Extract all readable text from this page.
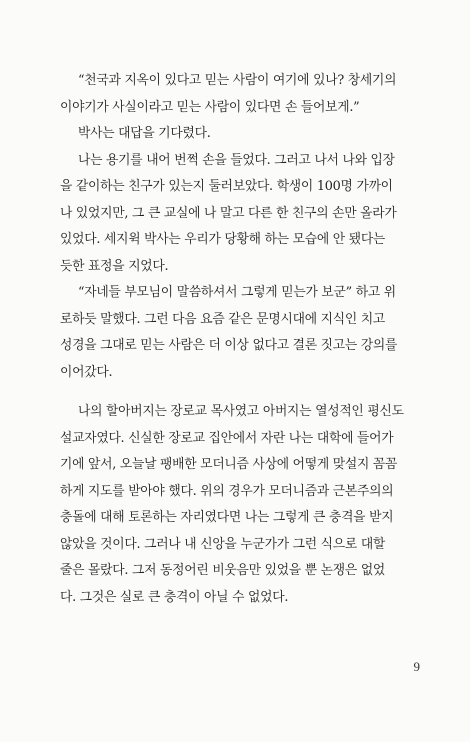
“천국과 지옥이 있다고 믿는 사람이 여기에 있나? 창세기의
이야기가 사실이라고 믿는 사람이 있다면 손 들어보게.”
박사는 대답을 기다렸다.
나는 용기를 내어 번쩍 손을 들었다. 그러고 나서 나와 입장
을 같이하는 친구가 있는지 둘러보았다. 학생이 100명 가까이
나 있었지만, 그 큰 교실에 나 말고 다른 한 친구의 손만 올라가
있었다. 세지윅 박사는 우리가 당황해 하는 모습에 안 됐다는
듯한 표정을 지었다.
“자네들 부모님이 말씀하셔서 그렇게 믿는가 보군” 하고 위
로하듯 말했다. 그런 다음 요즘 같은 문명시대에 지식인 치고
성경을 그대로 믿는 사람은 더 이상 없다고 결론 짓고는 강의를
이어갔다.
나의 할아버지는 장로교 목사였고 아버지는 열성적인 평신도
설교자였다. 신실한 장로교 집안에서 자란 나는 대학에 들어가
기에 앞서, 오늘날 팽배한 모더니즘 사상에 어떻게 맞설지 꼼꼼
하게 지도를 받아야 했다. 위의 경우가 모더니즘과 근본주의의
충돌에 대해 토론하는 자리였다면 나는 그렇게 큰 충격을 받지
않았을 것이다. 그러나 내 신앙을 누군가가 그런 식으로 대할
줄은 몰랐다. 그저 동정어린 비웃음만 있었을 뿐 논쟁은 없었
다. 그것은 실로 큰 충격이 아닐 수 없었다.
9
